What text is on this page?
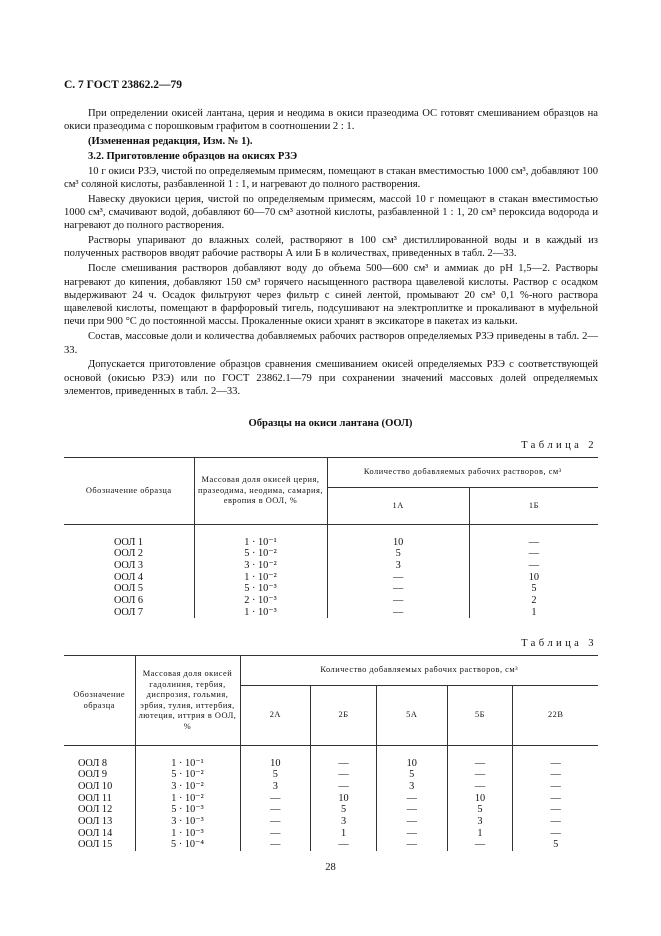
С. 7 ГОСТ 23862.2—79

При определении окисей лантана, церия и неодима в окиси празеодима ОС готовят смешиванием образцов на окиси празеодима с порошковым графитом в соотношении 2 : 1.

(Измененная редакция, Изм. № 1).

3.2. Приготовление образцов на окисях РЗЭ

10 г окиси РЗЭ, чистой по определяемым примесям, помещают в стакан вместимостью 1000 см³, добавляют 100 см³ соляной кислоты, разбавленной 1 : 1, и нагревают до полного растворения.

Навеску двуокиси церия, чистой по определяемым примесям, массой 10 г помещают в стакан вместимостью 1000 см³, смачивают водой, добавляют 60—70 см³ азотной кислоты, разбавленной 1 : 1, 20 см³ пероксида водорода и нагревают до полного растворения.

Растворы упаривают до влажных солей, растворяют в 100 см³ дистиллированной воды и в каждый из полученных растворов вводят рабочие растворы А или Б в количествах, приведенных в табл. 2—33.

После смешивания растворов добавляют воду до объема 500—600 см³ и аммиак до pH 1,5—2. Растворы нагревают до кипения, добавляют 150 см³ горячего насыщенного раствора щавелевой кислоты. Раствор с осадком выдерживают 24 ч. Осадок фильтруют через фильтр с синей лентой, промывают 20 см³ 0,1 %-ного раствора щавелевой кислоты, помещают в фарфоровый тигель, подсушивают на электроплитке и прокаливают в муфельной печи при 900 °С до постоянной массы. Прокаленные окиси хранят в эксикаторе в пакетах из кальки.

Состав, массовые доли и количества добавляемых рабочих растворов определяемых РЗЭ приведены в табл. 2—33.

Допускается приготовление образцов сравнения смешиванием окисей определяемых РЗЭ с соответствующей основой (окисью РЗЭ) или по ГОСТ 23862.1—79 при сохранении значений массовых долей определяемых элементов, приведенных в табл. 2—33.

Образцы на окиси лантана (ООЛ)
Таблица 2
Обозначение образца	Массовая доля окисей церия, празеодима, неодима, самария, европия в ООЛ, %	Количество добавляемых рабочих растворов, см³	
		1А	1Б

ООЛ 1	1 · 10⁻¹	10	—
ООЛ 2	5 · 10⁻²	5	—
ООЛ 3	3 · 10⁻²	3	—
ООЛ 4	1 · 10⁻²	—	10
ООЛ 5	5 · 10⁻³	—	5
ООЛ 6	2 · 10⁻³	—	2
ООЛ 7	1 · 10⁻³	—	1
Таблица 3
Обозначение образца	Массовая доля окисей гадолиния, тербия, диспрозия, гольмия, эрбия, тулия, иттербия, лютеция, иттрия в ООЛ, %	Количество добавляемых рабочих растворов, см³				
		2А	2Б	5А	5Б	22В

ООЛ 8	1 · 10⁻¹	10	—	10	—	—
ООЛ 9	5 · 10⁻²	5	—	5	—	—
ООЛ 10	3 · 10⁻²	3	—	3	—	—
ООЛ 11	1 · 10⁻²	—	10	—	10	—
ООЛ 12	5 · 10⁻³	—	5	—	5	—
ООЛ 13	3 · 10⁻³	—	3	—	3	—
ООЛ 14	1 · 10⁻³	—	1	—	1	—
ООЛ 15	5 · 10⁻⁴	—	—	—	—	5
28
